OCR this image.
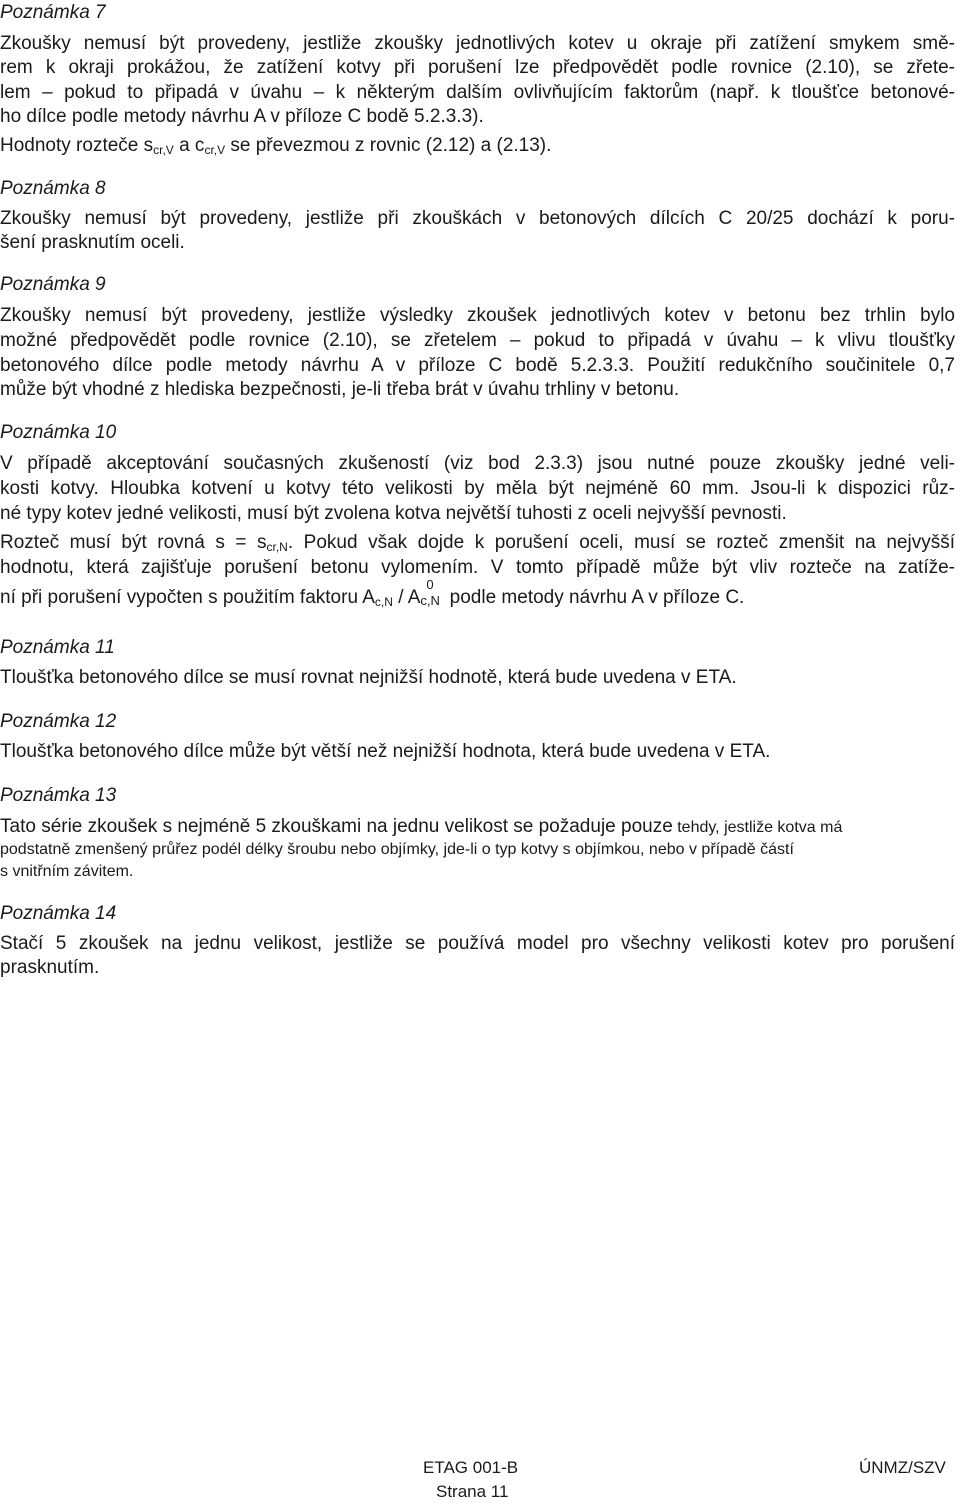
Poznámka 7
Zkoušky nemusí být provedeny, jestliže zkoušky jednotlivých kotev u okraje při zatížení smykem smě-
rem k okraji prokážou, že zatížení kotvy při porušení lze předpovědět podle rovnice (2.10), se zřete-
lem – pokud to připadá v úvahu – k některým dalším ovlivňujícím faktorům (např. k tloušťce betonové-
ho dílce podle metody návrhu A v příloze C bodě 5.2.3.3).
Hodnoty rozteče $s_{cr,V}$ a $c_{cr,V}$ se převezmou z rovnic (2.12) a (2.13).
Poznámka 8
Zkoušky nemusí být provedeny, jestliže při zkouškách v betonových dílcích C 20/25 dochází k poru-
šení prasknutím oceli.
Poznámka 9
Zkoušky nemusí být provedeny, jestliže výsledky zkoušek jednotlivých kotev v betonu bez trhlin bylo
možné předpovědět podle rovnice (2.10), se zřetelem – pokud to připadá v úvahu – k vlivu tloušťky
betonového dílce podle metody návrhu A v příloze C bodě 5.2.3.3. Použití redukčního součinitele 0,7
může být vhodné z hlediska bezpečnosti, je-li třeba brát v úvahu trhliny v betonu.
Poznámka 10
V případě akceptování současných zkušeností (viz bod 2.3.3) jsou nutné pouze zkoušky jedné veli-
kosti kotvy. Hloubka kotvení u kotvy této velikosti by měla být nejméně 60 mm. Jsou-li k dispozici růz-
né typy kotev jedné velikosti, musí být zvolena kotva největší tuhosti z oceli nejvyšší pevnosti.
Rozteč musí být rovná $s = s_{cr,N}$. Pokud však dojde k porušení oceli, musí se rozteč zmenšit na nejvyšší
hodnotu, která zajišťuje porušení betonu vylomením. V tomto případě může být vliv rozteče na zatíže-
ní při porušení vypočten s použitím faktoru $A_{c,N}$ / A
0
c,N podle metody návrhu A v příloze C.
Poznámka 11
Tloušťka betonového dílce se musí rovnat nejnižší hodnotě, která bude uvedena v ETA.
Poznámka 12
Tloušťka betonového dílce může být větší než nejnižší hodnota, která bude uvedena v ETA.
Poznámka 13
Tato série zkoušek s nejméně 5 zkouškami na jednu velikost se požaduje pouze tehdy, jestliže kotva má
podstatně zmenšený průřez podél délky šroubu nebo objímky, jde-li o typ kotvy s objímkou, nebo v případě částí
s vnitřním závitem.
Poznámka 14
Stačí 5 zkoušek na jednu velikost, jestliže se používá model pro všechny velikosti kotev pro porušení
prasknutím.
ETAG 001-B
Strana 11
ÚNMZ/SZV
